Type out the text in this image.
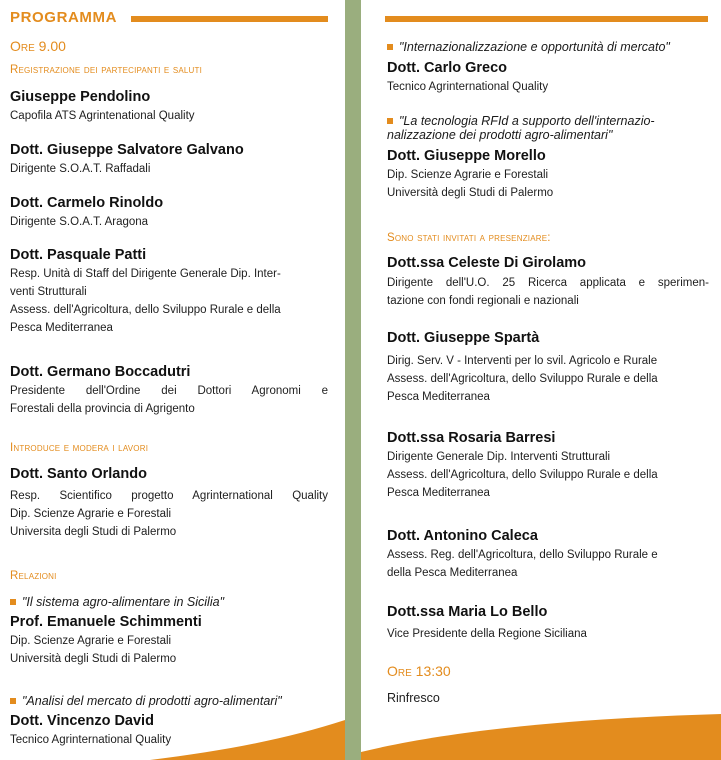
PROGRAMMA
Ore 9.00
Registrazione dei partecipanti e saluti
Giuseppe Pendolino

Capofila ATS Agrintenational Quality

Dott. Giuseppe Salvatore Galvano

Dirigente S.O.A.T. Raffadali

Dott. Carmelo Rinoldo

Dirigente S.O.A.T. Aragona

Dott. Pasquale Patti

Resp. Unità di Staff del Dirigente Generale Dip. Inter-

venti Strutturali

Assess. dell'Agricoltura, dello Sviluppo Rurale e della

Pesca Mediterranea

Dott. Germano Boccadutri

Presidente dell'Ordine dei Dottori Agronomi e

Forestali della provincia di Agrigento

Introduce e modera i lavori
Dott. Santo Orlando

Resp. Scientifico progetto Agrinternational Quality

Dip. Scienze Agrarie e Forestali

Universita degli Studi di Palermo

Relazioni
"Il sistema agro-alimentare in Sicilia"
Prof. Emanuele Schimmenti

Dip. Scienze Agrarie e Forestali

Università degli Studi di Palermo

"Analisi del mercato di prodotti agro-alimentari"
Dott. Vincenzo David

Tecnico Agrinternational Quality

"Internazionalizzazione e opportunità di mercato"
Dott. Carlo Greco

Tecnico Agrinternational Quality

"La tecnologia RFId a supporto dell'internazio-
nalizzazione dei prodotti agro-alimentari"
Dott. Giuseppe Morello

Dip. Scienze Agrarie e Forestali

Università degli Studi di Palermo

Sono stati invitati a presenziare:
Dott.ssa Celeste Di Girolamo

Dirigente dell'U.O. 25 Ricerca applicata e sperimen-

tazione con fondi regionali e nazionali

Dott. Giuseppe Spartà

Dirig. Serv. V - Interventi per lo svil. Agricolo e Rurale

Assess. dell'Agricoltura, dello Sviluppo Rurale e della

Pesca Mediterranea

Dott.ssa Rosaria Barresi

Dirigente Generale Dip. Interventi Strutturali

Assess. dell'Agricoltura, dello Sviluppo Rurale e della

Pesca Mediterranea

Dott. Antonino Caleca

Assess. Reg. dell'Agricoltura, dello Sviluppo Rurale e

della Pesca Mediterranea

Dott.ssa Maria Lo Bello

Vice Presidente della Regione Siciliana

Ore 13:30
Rinfresco
